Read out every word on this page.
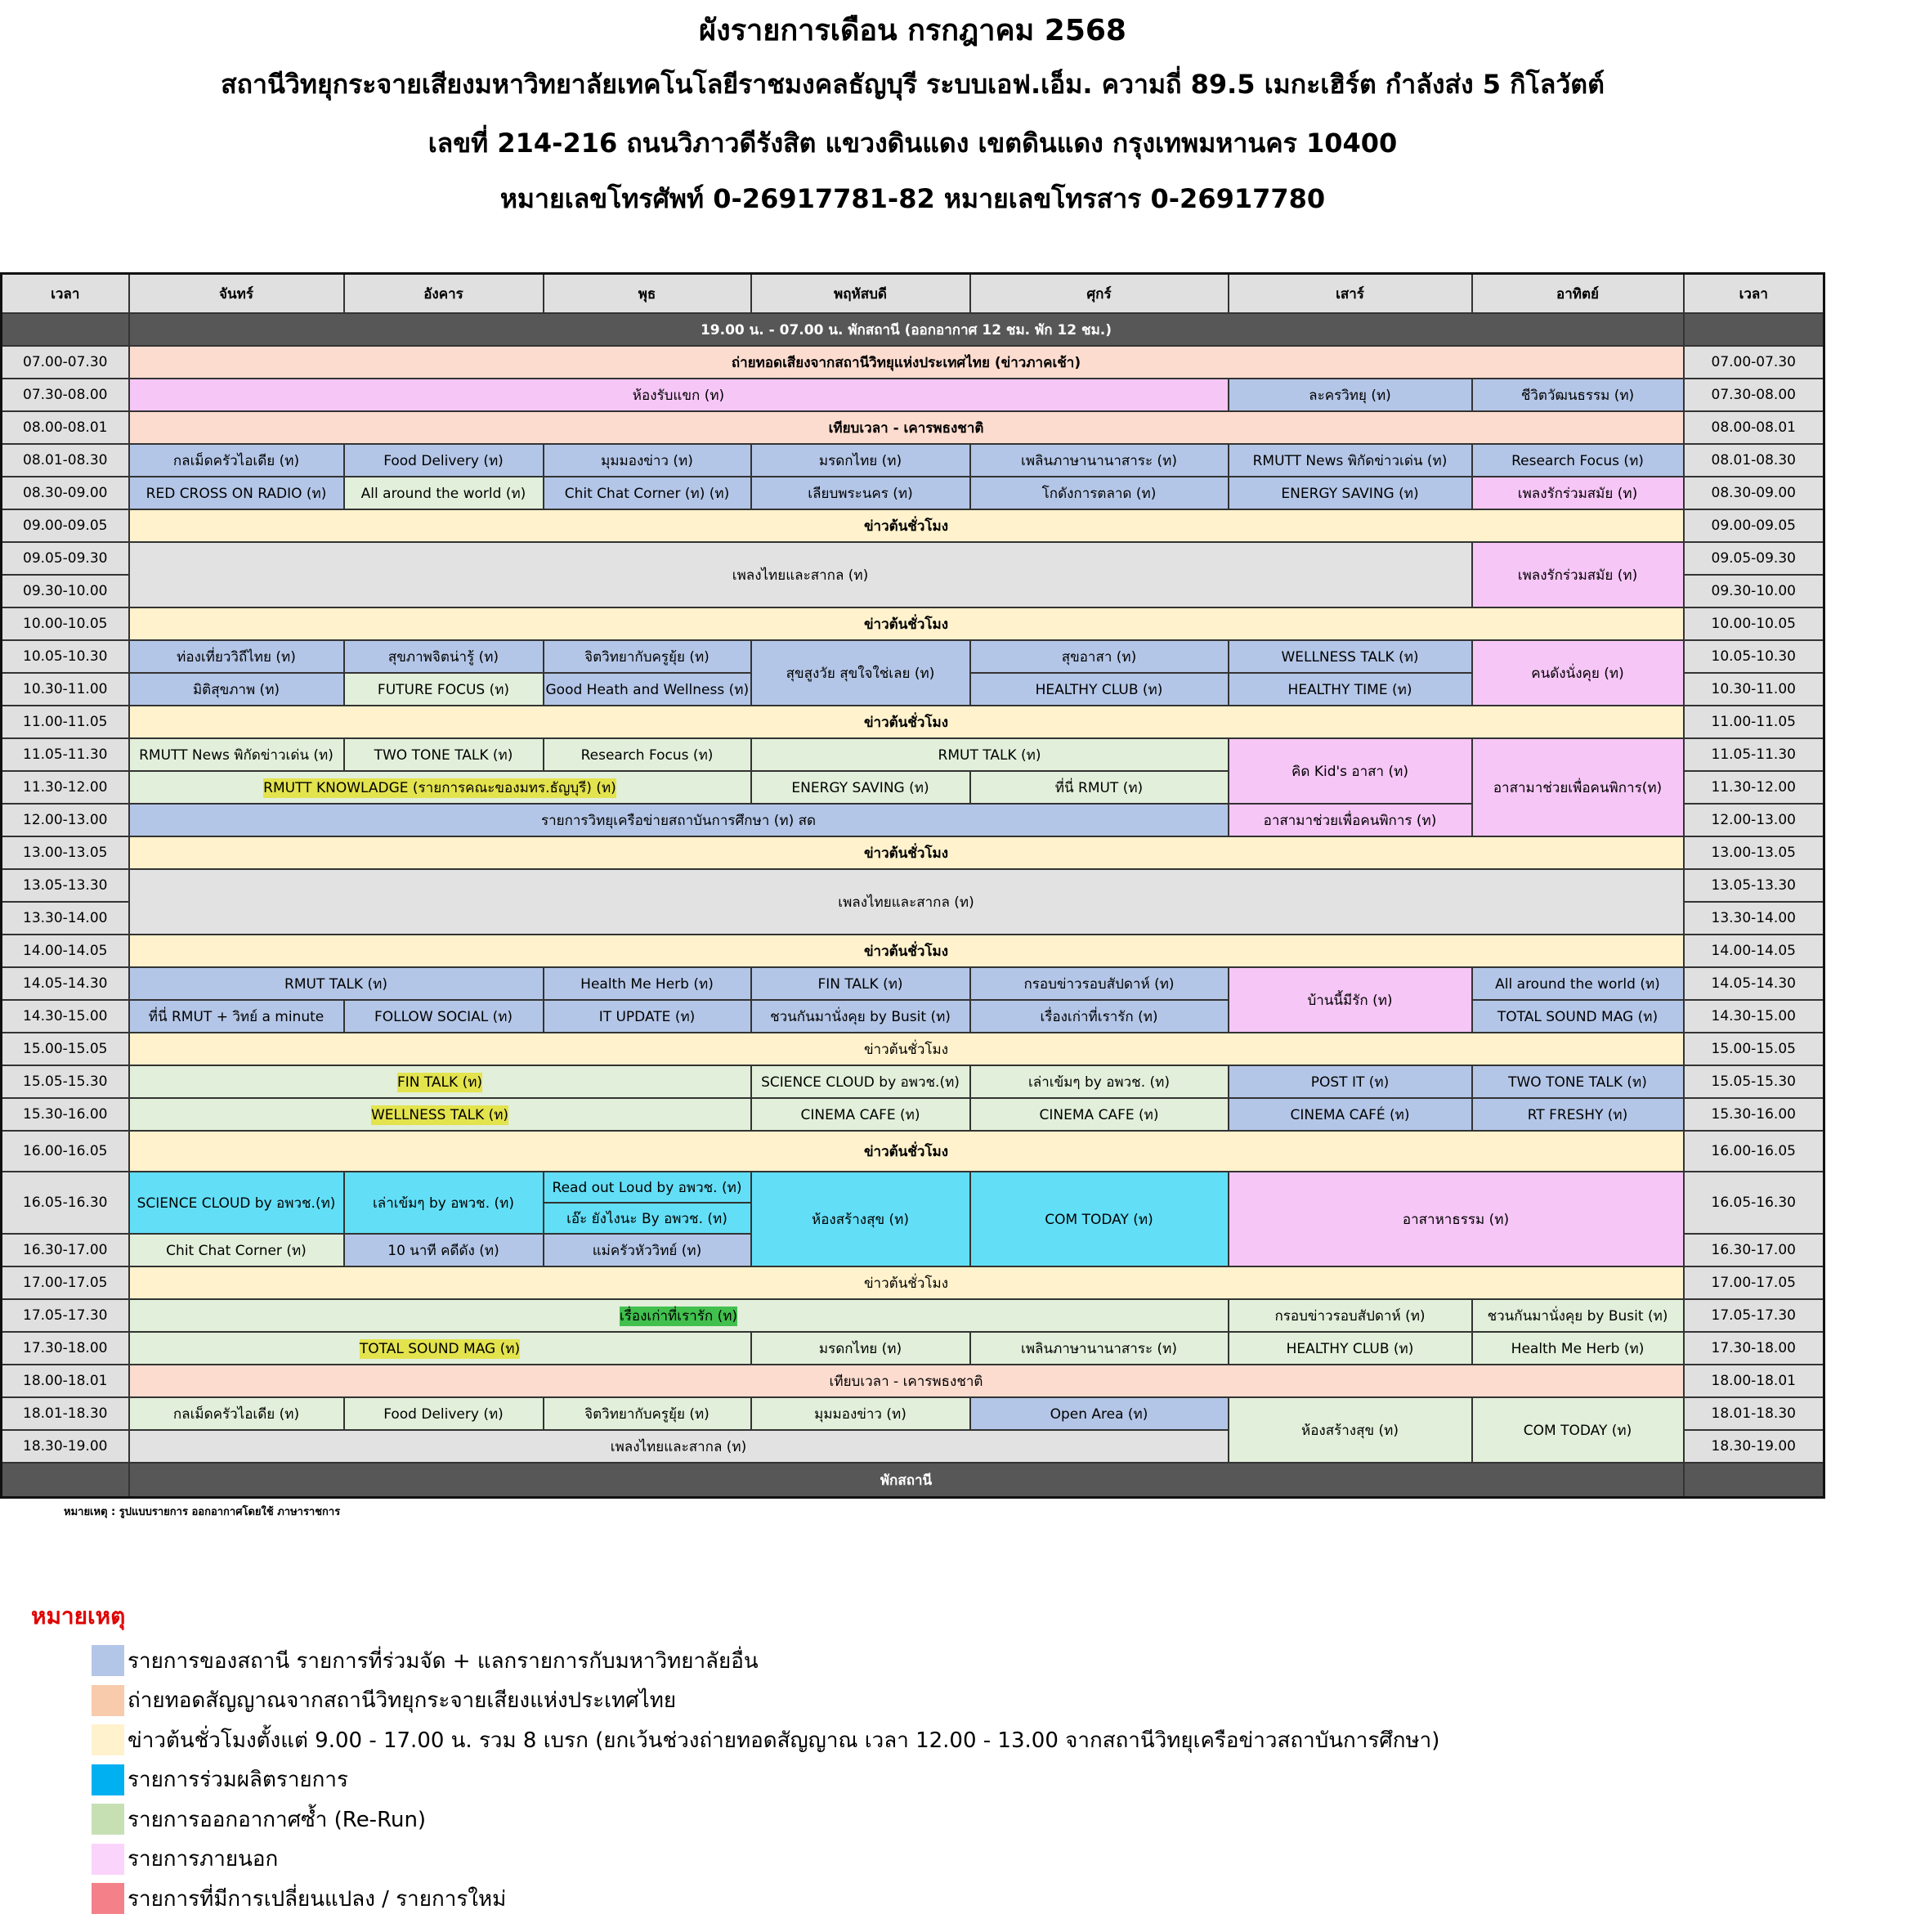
ผังรายการเดือน กรกฎาคม 2568
สถานีวิทยุกระจายเสียงมหาวิทยาลัยเทคโนโลยีราชมงคลธัญบุรี ระบบเอฟ.เอ็ม. ความถี่ 89.5 เมกะเฮิร์ต กำลังส่ง 5 กิโลวัตต์
เลขที่ 214-216 ถนนวิภาวดีรังสิต แขวงดินแดง เขตดินแดง กรุงเทพมหานคร 10400
หมายเลขโทรศัพท์ 0-26917781-82 หมายเลขโทรสาร 0-26917780
เวลา	จันทร์	อังคาร	พุธ	พฤหัสบดี	ศุกร์	เสาร์	อาทิตย์	เวลา
	19.00 น. - 07.00 น. พักสถานี (ออกอากาศ 12 ชม. พัก 12 ชม.)							
07.00-07.30	ถ่ายทอดเสียงจากสถานีวิทยุแห่งประเทศไทย (ข่าวภาคเช้า)							07.00-07.30
07.30-08.00	ห้องรับแขก (ท)					ละครวิทยุ (ท)	ชีวิตวัฒนธรรม (ท)	07.30-08.00
08.00-08.01	เทียบเวลา - เคารพธงชาติ							08.00-08.01
08.01-08.30	กลเม็ดครัวไอเดีย (ท)	Food Delivery (ท)	มุมมองข่าว (ท)	มรดกไทย (ท)	เพลินภาษานานาสาระ (ท)	RMUTT News พิกัดข่าวเด่น (ท)	Research Focus (ท)	08.01-08.30
08.30-09.00	RED CROSS ON RADIO (ท)	All around the world (ท)	Chit Chat Corner (ท) (ท)	เลียบพระนคร (ท)	โกดังการตลาด (ท)	ENERGY SAVING (ท)	เพลงรักร่วมสมัย (ท)	08.30-09.00
09.00-09.05	ข่าวต้นชั่วโมง							09.00-09.05
09.05-09.30	เพลงไทยและสากล (ท)						เพลงรักร่วมสมัย (ท)	09.05-09.30
09.30-10.00								09.30-10.00
10.00-10.05	ข่าวต้นชั่วโมง							10.00-10.05
10.05-10.30	ท่องเที่ยววิถีไทย (ท)	สุขภาพจิตน่ารู้ (ท)	จิตวิทยากับครูยุ้ย (ท)	สุขสูงวัย สุขใจใช่เลย (ท)	สุขอาสา (ท)	WELLNESS TALK (ท)	คนดังนั่งคุย (ท)	10.05-10.30
10.30-11.00	มิติสุขภาพ (ท)	FUTURE FOCUS (ท)	Good Heath and Wellness (ท)		HEALTHY CLUB (ท)	HEALTHY TIME (ท)		10.30-11.00
11.00-11.05	ข่าวต้นชั่วโมง							11.00-11.05
11.05-11.30	RMUTT News พิกัดข่าวเด่น (ท)	TWO TONE TALK (ท)	Research Focus (ท)	RMUT TALK (ท)		คิด Kid's อาสา (ท)	อาสามาช่วยเพื่อคนพิการ(ท)	11.05-11.30
11.30-12.00	RMUTT KNOWLADGE (รายการคณะของมทร.ธัญบุรี) (ท)			ENERGY SAVING (ท)	ที่นี่ RMUT (ท)			11.30-12.00
12.00-13.00	รายการวิทยุเครือข่ายสถาบันการศึกษา (ท) สด					อาสามาช่วยเพื่อคนพิการ (ท)		12.00-13.00
13.00-13.05	ข่าวต้นชั่วโมง							13.00-13.05
13.05-13.30	เพลงไทยและสากล (ท)							13.05-13.30
13.30-14.00								13.30-14.00
14.00-14.05	ข่าวต้นชั่วโมง							14.00-14.05
14.05-14.30	RMUT TALK (ท)		Health Me Herb (ท)	FIN TALK (ท)	กรอบข่าวรอบสัปดาห์ (ท)	บ้านนี้มีรัก (ท)	All around the world (ท)	14.05-14.30
14.30-15.00	ที่นี่ RMUT + วิทย์ a minute	FOLLOW SOCIAL (ท)	IT UPDATE (ท)	ชวนกันมานั่งคุย by Busit (ท)	เรื่องเก่าที่เรารัก (ท)		TOTAL SOUND MAG (ท)	14.30-15.00
15.00-15.05	ข่าวต้นชั่วโมง							15.00-15.05
15.05-15.30	FIN TALK (ท)			SCIENCE CLOUD by อพวช.(ท)	เล่าเข้มๆ by อพวช. (ท)	POST IT (ท)	TWO TONE TALK (ท)	15.05-15.30
15.30-16.00	WELLNESS TALK (ท)			CINEMA CAFE (ท)	CINEMA CAFE (ท)	CINEMA CAFÉ (ท)	RT FRESHY (ท)	15.30-16.00
16.00-16.05	ข่าวต้นชั่วโมง							16.00-16.05
16.05-16.30	SCIENCE CLOUD by อพวช.(ท)	เล่าเข้มๆ by อพวช. (ท)	Read out Loud by อพวช. (ท)	ห้องสร้างสุข (ท)	COM TODAY (ท)	อาสาหาธรรม (ท)		16.05-16.30
			เอ๊ะ ยังไงนะ By อพวช. (ท)					
16.30-17.00	Chit Chat Corner (ท)	10 นาที คดีดัง (ท)	แม่ครัวหัววิทย์ (ท)					16.30-17.00
17.00-17.05	ข่าวต้นชั่วโมง							17.00-17.05
17.05-17.30	เรื่องเก่าที่เรารัก (ท)					กรอบข่าวรอบสัปดาห์ (ท)	ชวนกันมานั่งคุย by Busit (ท)	17.05-17.30
17.30-18.00	TOTAL SOUND MAG (ท)			มรดกไทย (ท)	เพลินภาษานานาสาระ (ท)	HEALTHY CLUB (ท)	Health Me Herb (ท)	17.30-18.00
18.00-18.01	เทียบเวลา - เคารพธงชาติ							18.00-18.01
18.01-18.30	กลเม็ดครัวไอเดีย (ท)	Food Delivery (ท)	จิตวิทยากับครูยุ้ย (ท)	มุมมองข่าว (ท)	Open Area (ท)	ห้องสร้างสุข (ท)	COM TODAY (ท)	18.01-18.30
18.30-19.00	เพลงไทยและสากล (ท)							18.30-19.00
	พักสถานี							
หมายเหตุ : รูปแบบรายการ ออกอากาศโดยใช้ ภาษาราชการ
หมายเหตุ
รายการของสถานี รายการที่ร่วมจัด + แลกรายการกับมหาวิทยาลัยอื่น
ถ่ายทอดสัญญาณจากสถานีวิทยุกระจายเสียงแห่งประเทศไทย
ข่าวต้นชั่วโมงตั้งแต่ 9.00 - 17.00 น. รวม 8 เบรก (ยกเว้นช่วงถ่ายทอดสัญญาณ เวลา 12.00 - 13.00 จากสถานีวิทยุเครือข่าวสถาบันการศึกษา)
รายการร่วมผลิตรายการ
รายการออกอากาศซ้ำ (Re-Run)
รายการภายนอก
รายการที่มีการเปลี่ยนแปลง / รายการใหม่
